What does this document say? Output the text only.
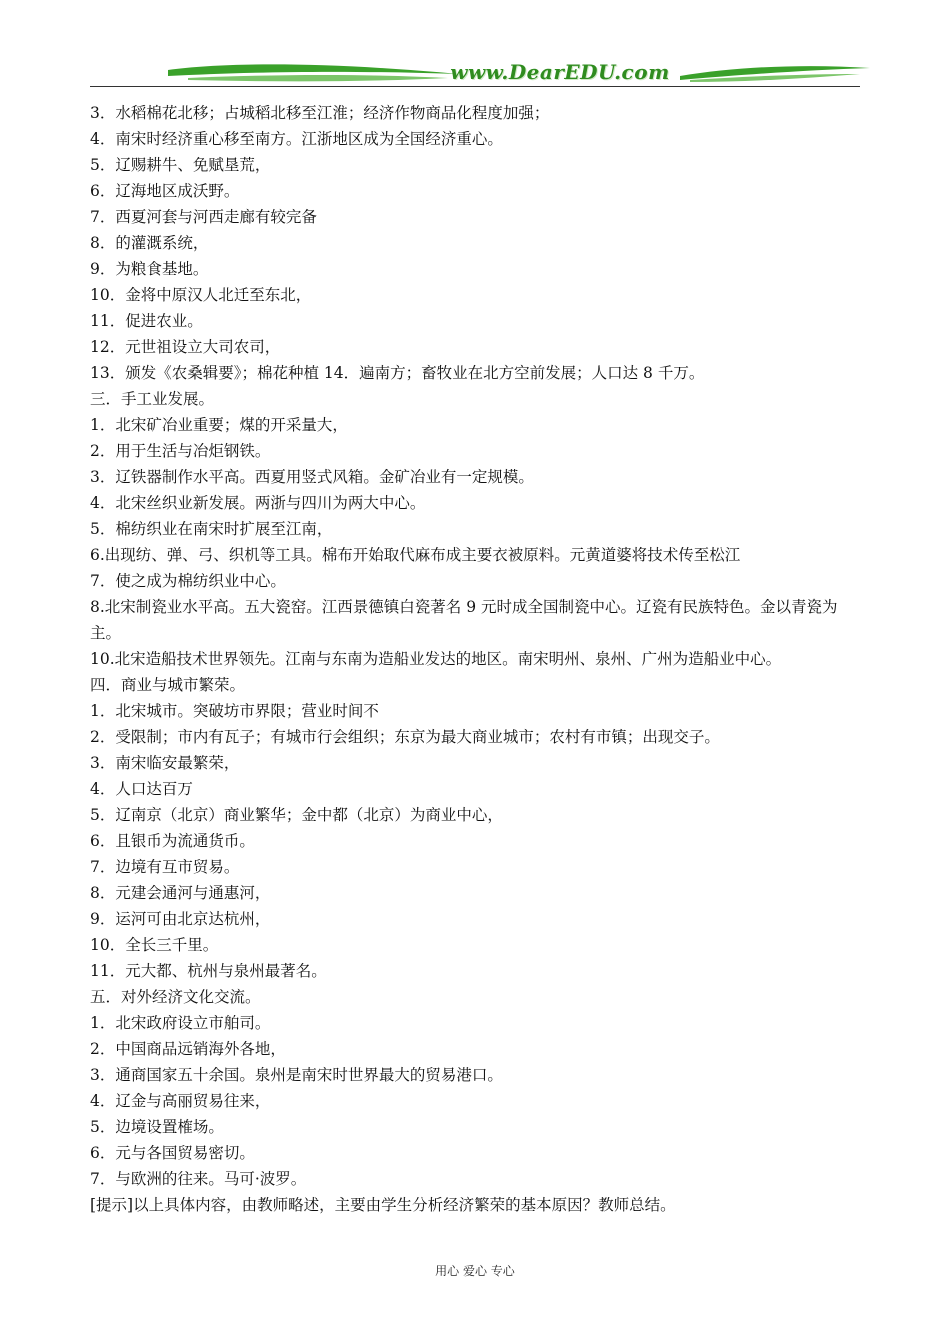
www.DearEDU.com
3．水稻棉花北移；占城稻北移至江淮；经济作物商品化程度加强；
4．南宋时经济重心移至南方。江浙地区成为全国经济重心。
5．辽赐耕牛、免赋垦荒，
6．辽海地区成沃野。
7．西夏河套与河西走廊有较完备
8．的灌溉系统，
9．为粮食基地。
10．金将中原汉人北迁至东北，
11．促进农业。
12．元世祖设立大司农司，
13．颁发《农桑辑要》；棉花种植 14．遍南方；畜牧业在北方空前发展；人口达 8 千万。
三．手工业发展。
1．北宋矿冶业重要；煤的开采量大，
2．用于生活与冶炬钢铁。
3．辽铁器制作水平高。西夏用竖式风箱。金矿冶业有一定规模。
4．北宋丝织业新发展。两浙与四川为两大中心。
5．棉纺织业在南宋时扩展至江南，
6.出现纺、弹、弓、织机等工具。棉布开始取代麻布成主要衣被原料。元黄道婆将技术传至松江
7．使之成为棉纺织业中心。
8.北宋制瓷业水平高。五大瓷窑。江西景德镇白瓷著名 9 元时成全国制瓷中心。辽瓷有民族特色。金以青瓷为主。
10.北宋造船技术世界领先。江南与东南为造船业发达的地区。南宋明州、泉州、广州为造船业中心。
四．商业与城市繁荣。
1．北宋城市。突破坊市界限；营业时间不
2．受限制；市内有瓦子；有城市行会组织；东京为最大商业城市；农村有市镇；出现交子。
3．南宋临安最繁荣，
4．人口达百万
5．辽南京（北京）商业繁华；金中都（北京）为商业中心，
6．且银币为流通货币。
7．边境有互市贸易。
8．元建会通河与通惠河，
9．运河可由北京达杭州，
10．全长三千里。
11．元大都、杭州与泉州最著名。
五．对外经济文化交流。
1．北宋政府设立市舶司。
2．中国商品远销海外各地，
3．通商国家五十余国。泉州是南宋时世界最大的贸易港口。
4．辽金与高丽贸易往来，
5．边境设置榷场。
6．元与各国贸易密切。
7．与欧洲的往来。马可·波罗。
[提示]以上具体内容，由教师略述，主要由学生分析经济繁荣的基本原因？教师总结。
用心 爱心 专心
